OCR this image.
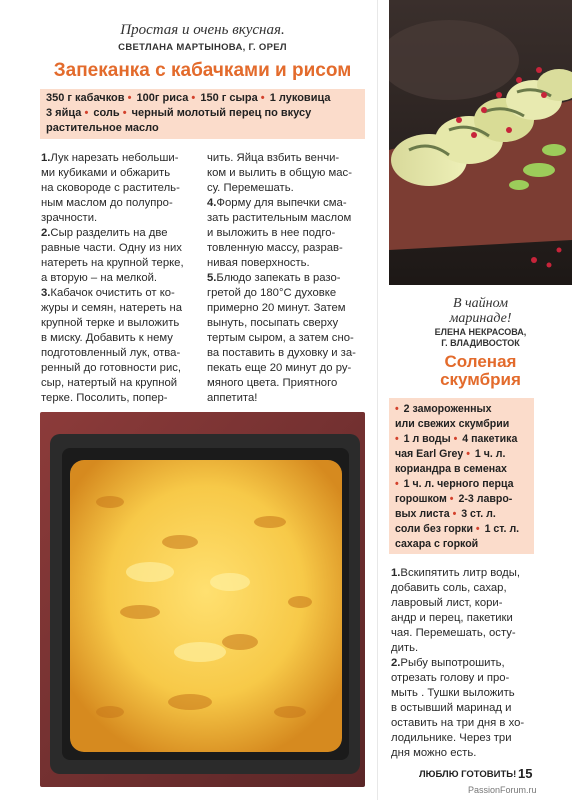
Простая и очень вкусная.
СВЕТЛАНА МАРТЫНОВА, Г. ОРЕЛ
Запеканка с кабачками и рисом
350 г кабачков • 100г риса • 150 г сыра • 1 луковица
3 яйца • соль • черный молотый перец по вкусу
растительное масло

1.Лук нарезать небольши-

ми кубиками и обжарить

на сковороде с раститель-

ным маслом до полупро-

зрачности.

2.Сыр разделить на две

равные части. Одну из них

натереть на крупной терке,

а вторую – на мелкой.

3.Кабачок очистить от ко-

журы и семян, натереть на

крупной терке и выложить

в миску. Добавить к нему

подготовленный лук, отва-

ренный до готовности рис,

сыр, натертый на крупной

терке. Посолить, попер-

чить. Яйца взбить венчи-

ком и вылить в общую мас-

су. Перемешать.

4.Форму для выпечки сма-

зать растительным маслом

и выложить в нее подго-

товленную массу, разрав-

нивая поверхность.

5.Блюдо запекать в разо-

гретой до 180°С духовке

примерно 20 минут. Затем

вынуть, посыпать сверху

тертым сыром, а затем сно-

ва поставить в духовку и за-

пекать еще 20 минут до ру-

мяного цвета. Приятного

аппетита!

В чайном
маринаде!
ЕЛЕНА НЕКРАСОВА,
Г. ВЛАДИВОСТОК
Соленая
скумбрия
• 2 замороженных
или свежих скумбрии
• 1 л воды • 4 пакетика
чая Earl Grey • 1 ч. л.
кориандра в семенах
• 1 ч. л. черного перца
горошком • 2-3 лавро-
вых листа • 3 ст. л.
соли без горки • 1 ст. л.
сахара с горкой

1.Вскипятить литр воды,

добавить соль, сахар,

лавровый лист, кори-

андр и перец, пакетики

чая. Перемешать, осту-

дить.

2.Рыбу выпотрошить,

отрезать голову и про-

мыть . Тушки выложить

в остывший маринад и

оставить на три дня в хо-

лодильнике. Через три

дня можно есть.

ЛЮБЛЮ ГОТОВИТЬ! 15
PassionForum.ru
